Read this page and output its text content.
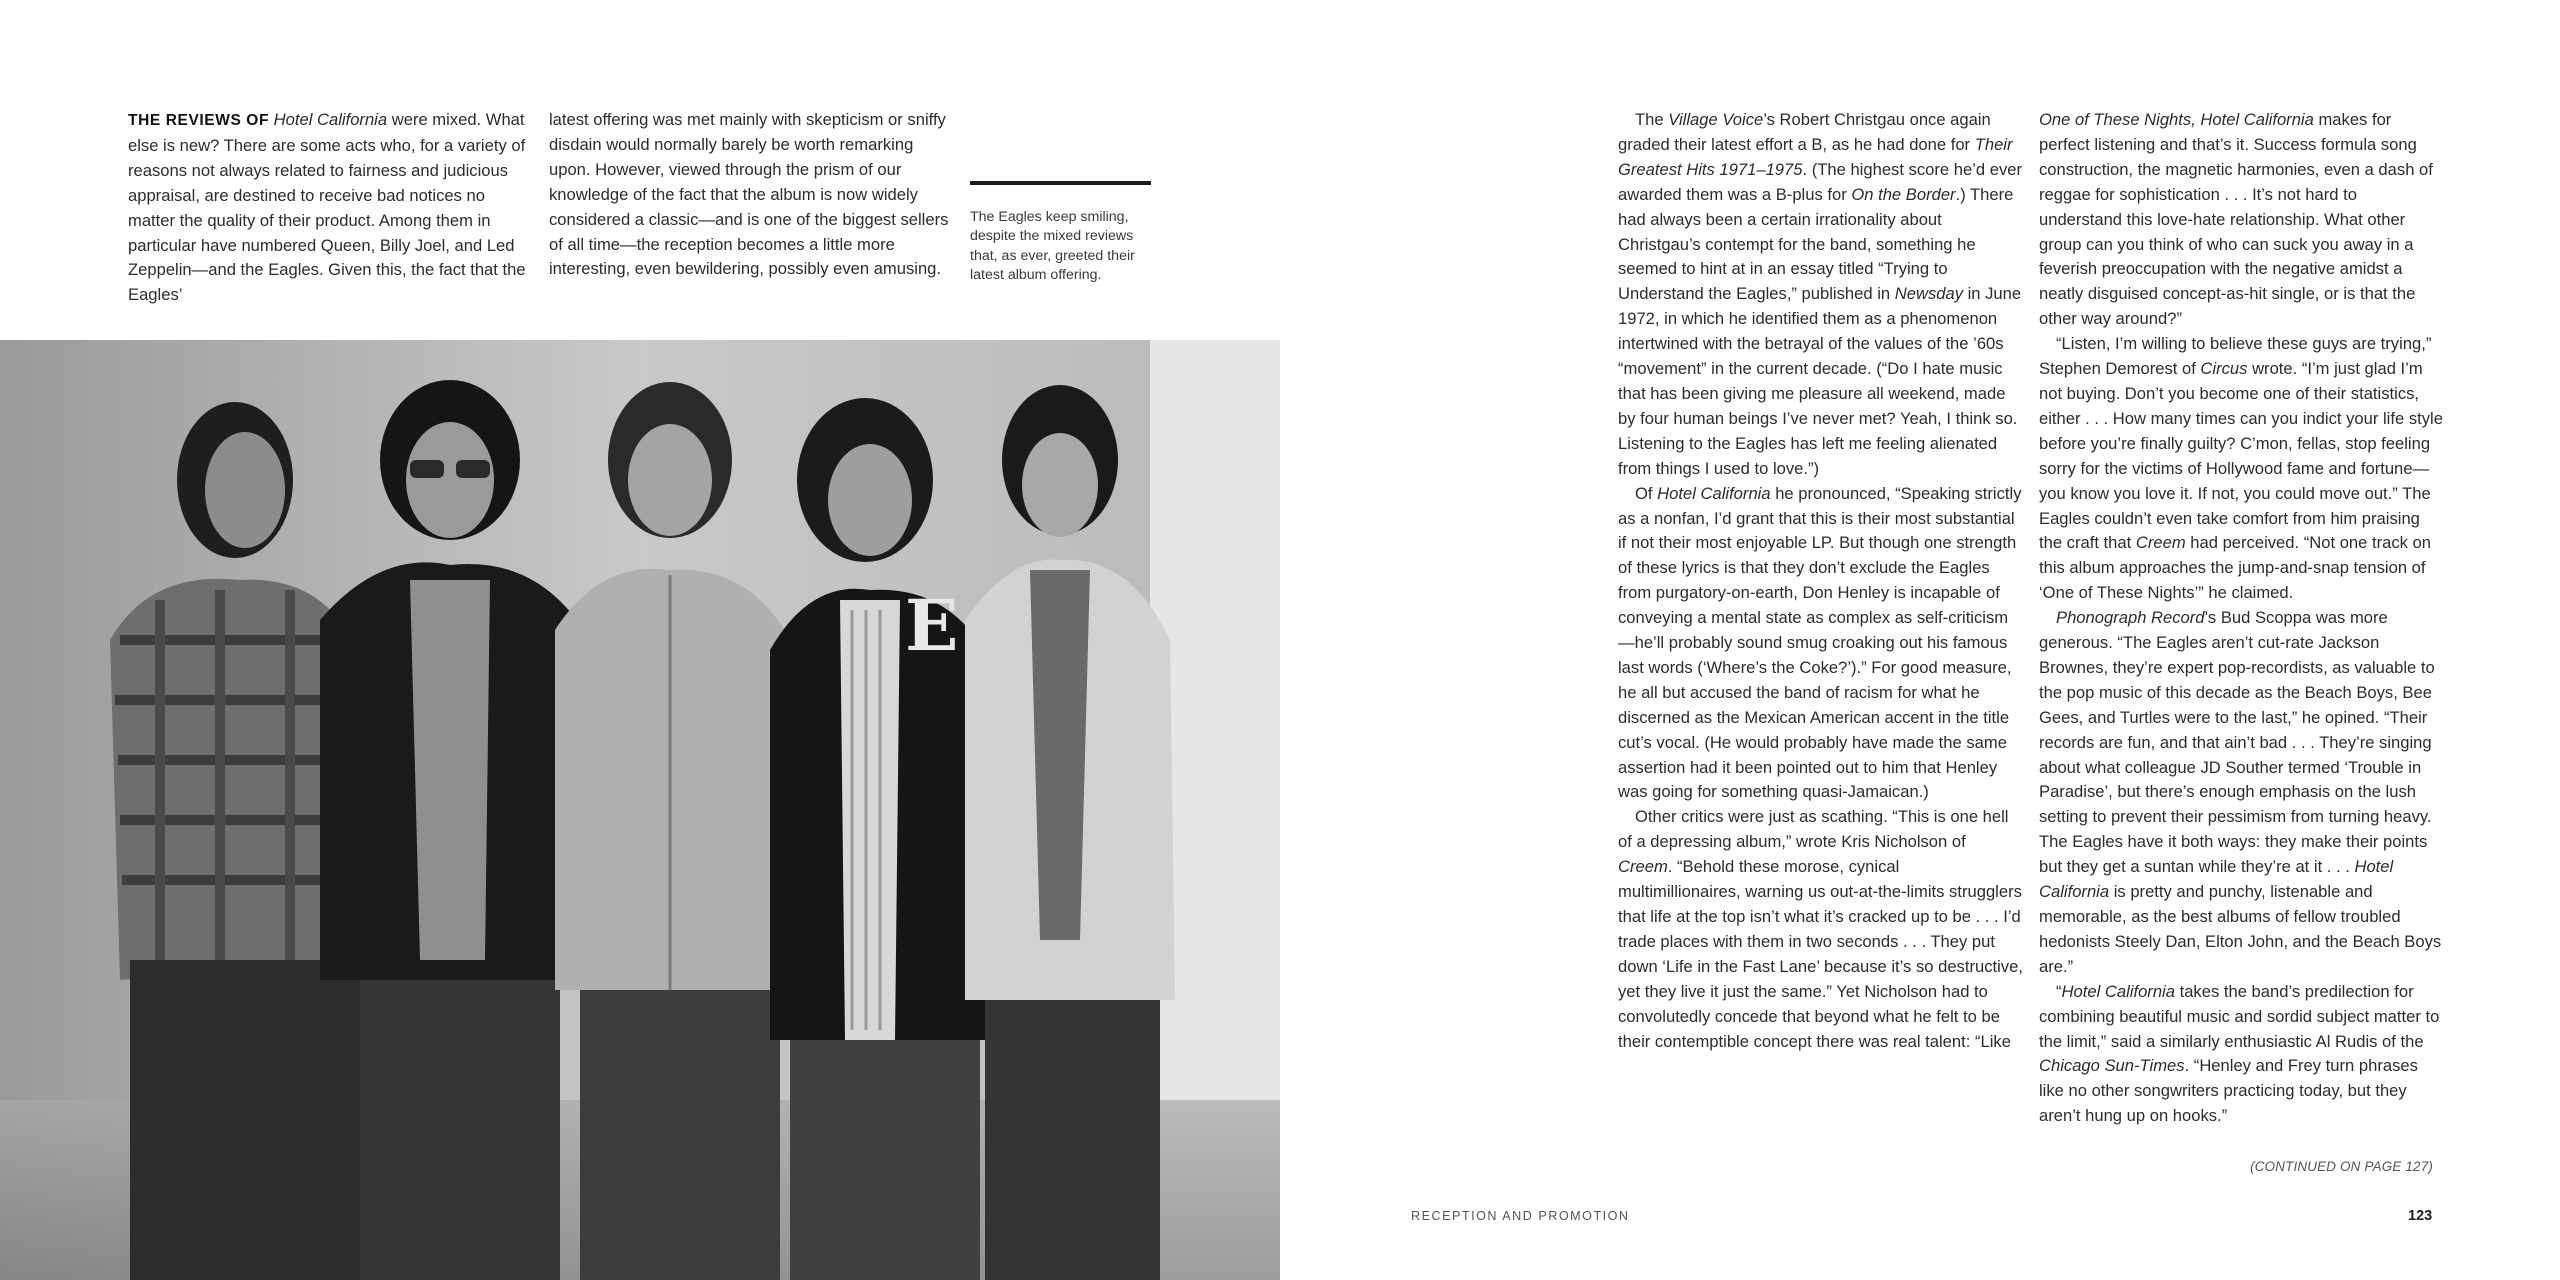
THE REVIEWS OF Hotel California were mixed. What else is new? There are some acts who, for a variety of reasons not always related to fairness and judicious appraisal, are destined to receive bad notices no matter the quality of their product. Among them in particular have numbered Queen, Billy Joel, and Led Zeppelin—and the Eagles. Given this, the fact that the Eagles’

latest offering was met mainly with skepticism or sniffy disdain would normally barely be worth remarking upon. However, viewed through the prism of our knowledge of the fact that the album is now widely considered a classic—and is one of the biggest sellers of all time—the reception becomes a little more interesting, even bewildering, possibly even amusing.

The Eagles keep smiling, despite the mixed reviews that, as ever, greeted their latest album offering.
E

The Village Voice’s Robert Christgau once again graded their latest effort a B, as he had done for Their Greatest Hits 1971–1975. (The highest score he’d ever awarded them was a B-plus for On the Border.) There had always been a certain irrationality about Christgau’s contempt for the band, something he seemed to hint at in an essay titled “Trying to Understand the Eagles,” published in Newsday in June 1972, in which he identified them as a phenomenon intertwined with the betrayal of the values of the ’60s “movement” in the current decade. (“Do I hate music that has been giving me pleasure all weekend, made by four human beings I’ve never met? Yeah, I think so. Listening to the Eagles has left me feeling alienated from things I used to love.”)

Of Hotel California he pronounced, “Speaking strictly as a nonfan, I’d grant that this is their most substantial if not their most enjoyable LP. But though one strength of these lyrics is that they don’t exclude the Eagles from purgatory-on-earth, Don Henley is incapable of conveying a mental state as complex as self-criticism—he’ll probably sound smug croaking out his famous last words (‘Where’s the Coke?’).” For good measure, he all but accused the band of racism for what he discerned as the Mexican American accent in the title cut’s vocal. (He would probably have made the same assertion had it been pointed out to him that Henley was going for something quasi-Jamaican.)

Other critics were just as scathing. “This is one hell of a depressing album,” wrote Kris Nicholson of Creem. “Behold these morose, cynical multimillionaires, warning us out-at-the-limits strugglers that life at the top isn’t what it’s cracked up to be . . . I’d trade places with them in two seconds . . . They put down ‘Life in the Fast Lane’ because it’s so destructive, yet they live it just the same.” Yet Nicholson had to convolutedly concede that beyond what he felt to be their contemptible concept there was real talent: “Like

One of These Nights, Hotel California makes for perfect listening and that’s it. Success formula song construction, the magnetic harmonies, even a dash of reggae for sophistication . . . It’s not hard to understand this love-hate relationship. What other group can you think of who can suck you away in a feverish preoccupation with the negative amidst a neatly disguised concept-as-hit single, or is that the other way around?”

“Listen, I’m willing to believe these guys are trying,” Stephen Demorest of Circus wrote. “I’m just glad I’m not buying. Don’t you become one of their statistics, either . . . How many times can you indict your life style before you’re finally guilty? C’mon, fellas, stop feeling sorry for the victims of Hollywood fame and fortune—you know you love it. If not, you could move out.” The Eagles couldn’t even take comfort from him praising the craft that Creem had perceived. “Not one track on this album approaches the jump-and-snap tension of ‘One of These Nights’” he claimed.

Phonograph Record’s Bud Scoppa was more generous. “The Eagles aren’t cut-rate Jackson Brownes, they’re expert pop-recordists, as valuable to the pop music of this decade as the Beach Boys, Bee Gees, and Turtles were to the last,” he opined. “Their records are fun, and that ain’t bad . . . They’re singing about what colleague JD Souther termed ‘Trouble in Paradise’, but there’s enough emphasis on the lush setting to prevent their pessimism from turning heavy. The Eagles have it both ways: they make their points but they get a suntan while they’re at it . . . Hotel California is pretty and punchy, listenable and memorable, as the best albums of fellow troubled hedonists Steely Dan, Elton John, and the Beach Boys are.”

“Hotel California takes the band’s predilection for combining beautiful music and sordid subject matter to the limit,” said a similarly enthusiastic Al Rudis of the Chicago Sun-Times. “Henley and Frey turn phrases like no other songwriters practicing today, but they aren’t hung up on hooks.”

(CONTINUED ON PAGE 127)
RECEPTION AND PROMOTION	123
